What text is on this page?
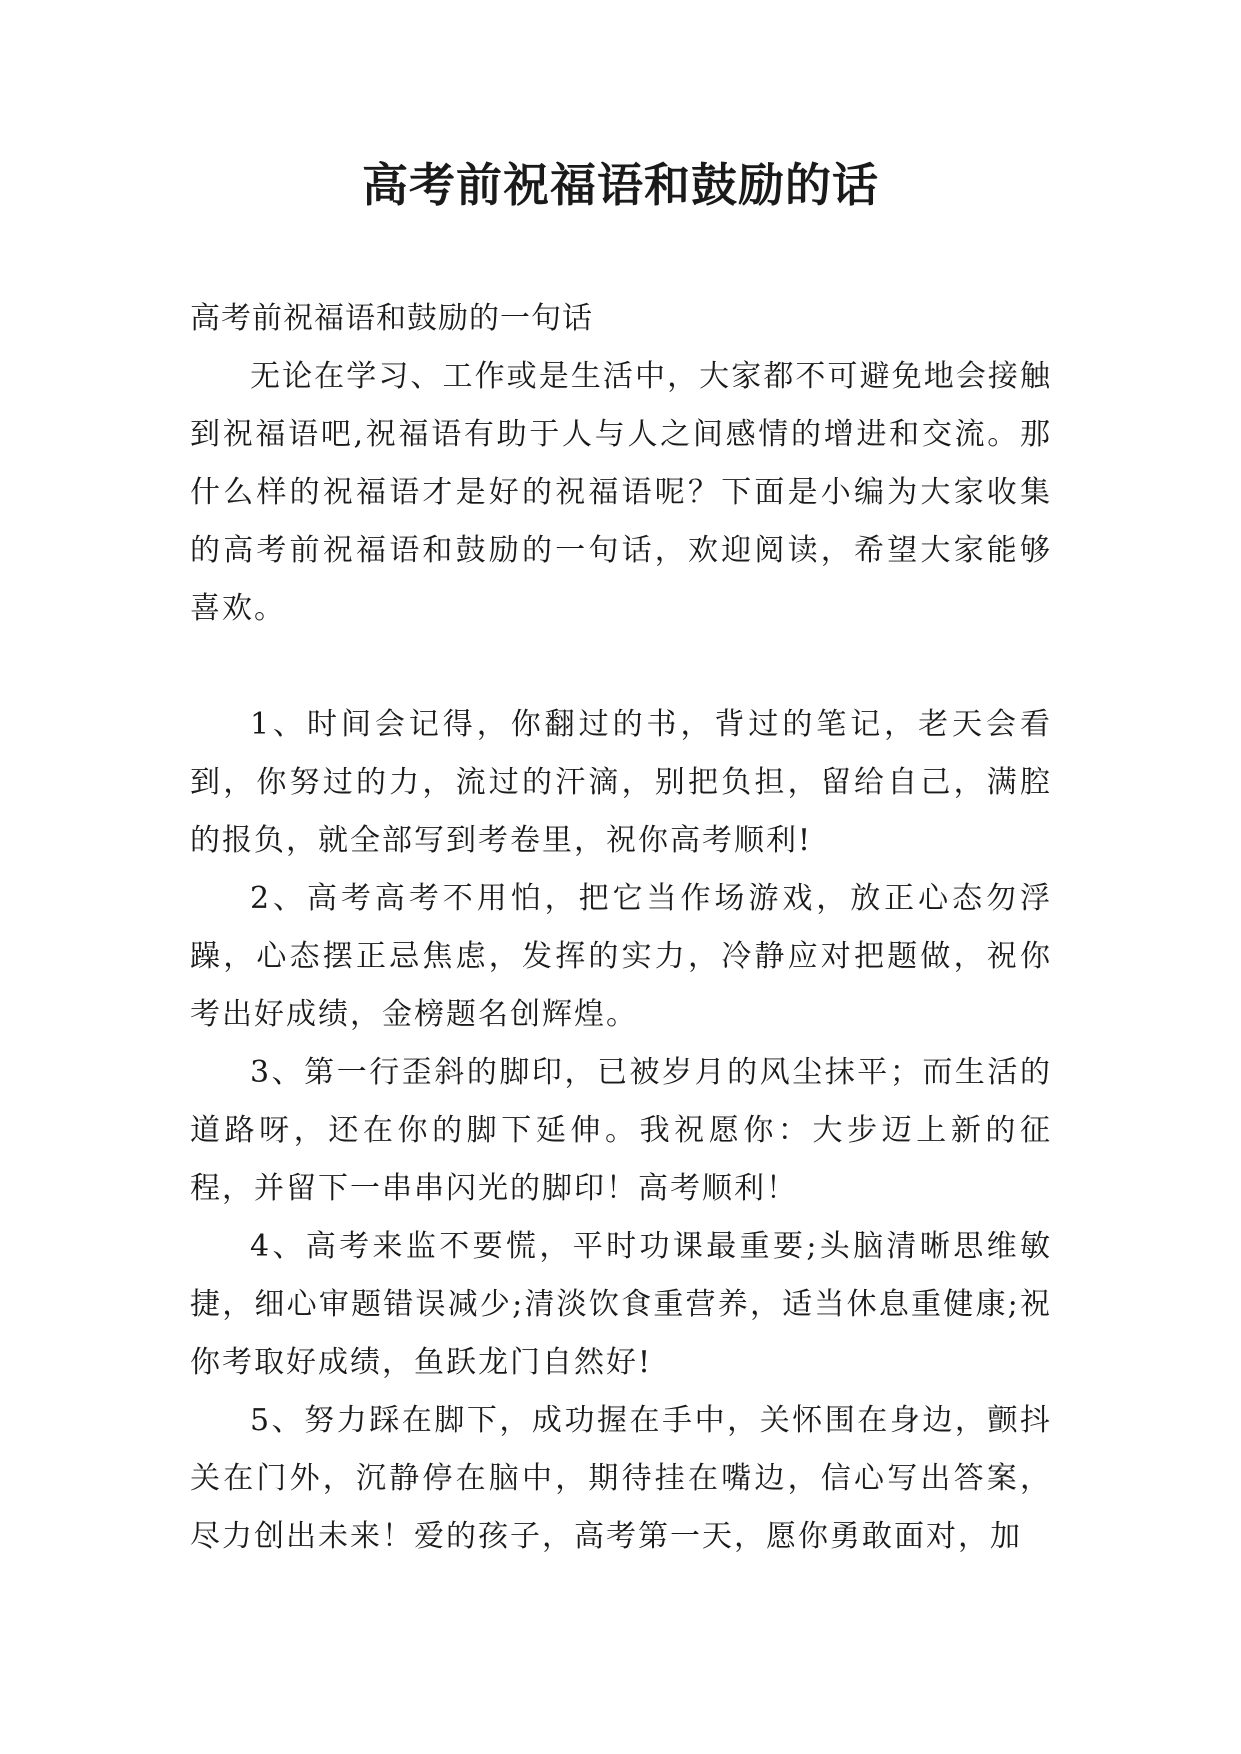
高考前祝福语和鼓励的话

高考前祝福语和鼓励的一句话

无论在学习、工作或是生活中，大家都不可避免地会接触到祝福语吧,祝福语有助于人与人之间感情的增进和交流。那什么样的祝福语才是好的祝福语呢？下面是小编为大家收集的高考前祝福语和鼓励的一句话，欢迎阅读，希望大家能够喜欢。

1、时间会记得，你翻过的书，背过的笔记，老天会看到，你努过的力，流过的汗滴，别把负担，留给自己，满腔的报负，就全部写到考卷里，祝你高考顺利!

2、高考高考不用怕，把它当作场游戏，放正心态勿浮躁，心态摆正忌焦虑，发挥的实力，冷静应对把题做，祝你考出好成绩，金榜题名创辉煌。

3、第一行歪斜的脚印，已被岁月的风尘抹平；而生活的道路呀，还在你的脚下延伸。我祝愿你：大步迈上新的征程，并留下一串串闪光的脚印！高考顺利！

4、高考来监不要慌，平时功课最重要;头脑清晰思维敏捷，细心审题错误减少;清淡饮食重营养，适当休息重健康;祝你考取好成绩，鱼跃龙门自然好!

5、努力踩在脚下，成功握在手中，关怀围在身边，颤抖关在门外，沉静停在脑中，期待挂在嘴边，信心写出答案，尽力创出未来！爱的孩子，高考第一天，愿你勇敢面对，加
